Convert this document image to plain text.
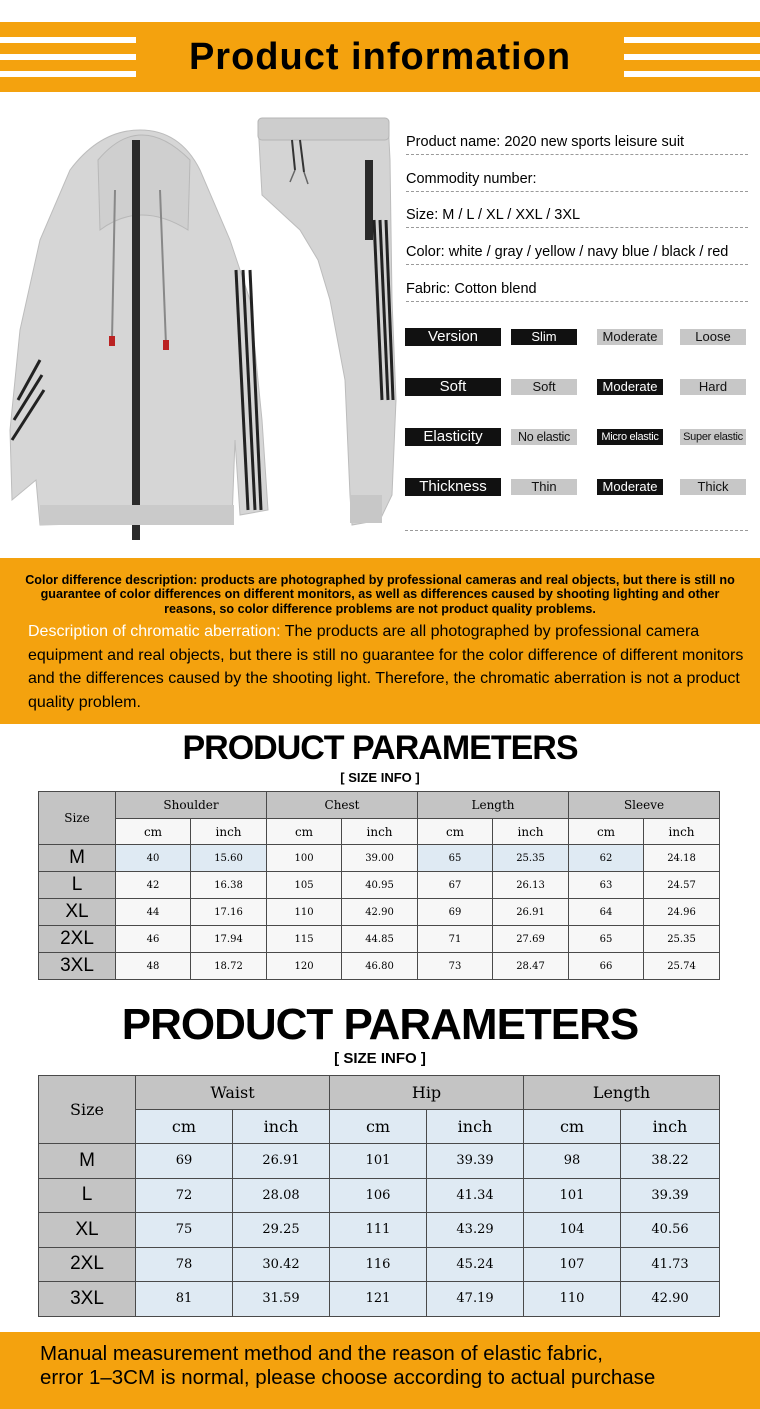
Product information
Product name: 2020 new sports leisure suit
Commodity number:
Size: M / L / XL / XXL / 3XL
Color: white / gray / yellow / navy blue / black / red
Fabric: Cotton blend
Version	Slim	Moderate	Loose
Soft	Soft	Moderate	Hard
Elasticity	No elastic	Micro elastic	Super elastic
Thickness	Thin	Moderate	Thick
Color difference description: products are photographed by professional cameras and real objects, but there is still no guarantee of color differences on different monitors, as well as differences caused by shooting lighting and other reasons, so color difference problems are not product quality problems.
Description of chromatic aberration: The products are all photographed by professional camera equipment and real objects, but there is still no guarantee for the color difference of different monitors and the differences caused by the shooting light. Therefore, the chromatic aberration is not a product quality problem.
PRODUCT PARAMETERS
[ SIZE INFO ]
Size	Shoulder		Chest		Length		Sleeve	
	cm	inch	cm	inch	cm	inch	cm	inch
M	40	15.60	100	39.00	65	25.35	62	24.18
L	42	16.38	105	40.95	67	26.13	63	24.57
XL	44	17.16	110	42.90	69	26.91	64	24.96
2XL	46	17.94	115	44.85	71	27.69	65	25.35
3XL	48	18.72	120	46.80	73	28.47	66	25.74
PRODUCT PARAMETERS
[ SIZE INFO ]
Size	Waist		Hip		Length	
	cm	inch	cm	inch	cm	inch
M	69	26.91	101	39.39	98	38.22
L	72	28.08	106	41.34	101	39.39
XL	75	29.25	111	43.29	104	40.56
2XL	78	30.42	116	45.24	107	41.73
3XL	81	31.59	121	47.19	110	42.90

Manual measurement method and the reason of elastic fabric,
error 1–3CM is normal, please choose according to actual purchase
